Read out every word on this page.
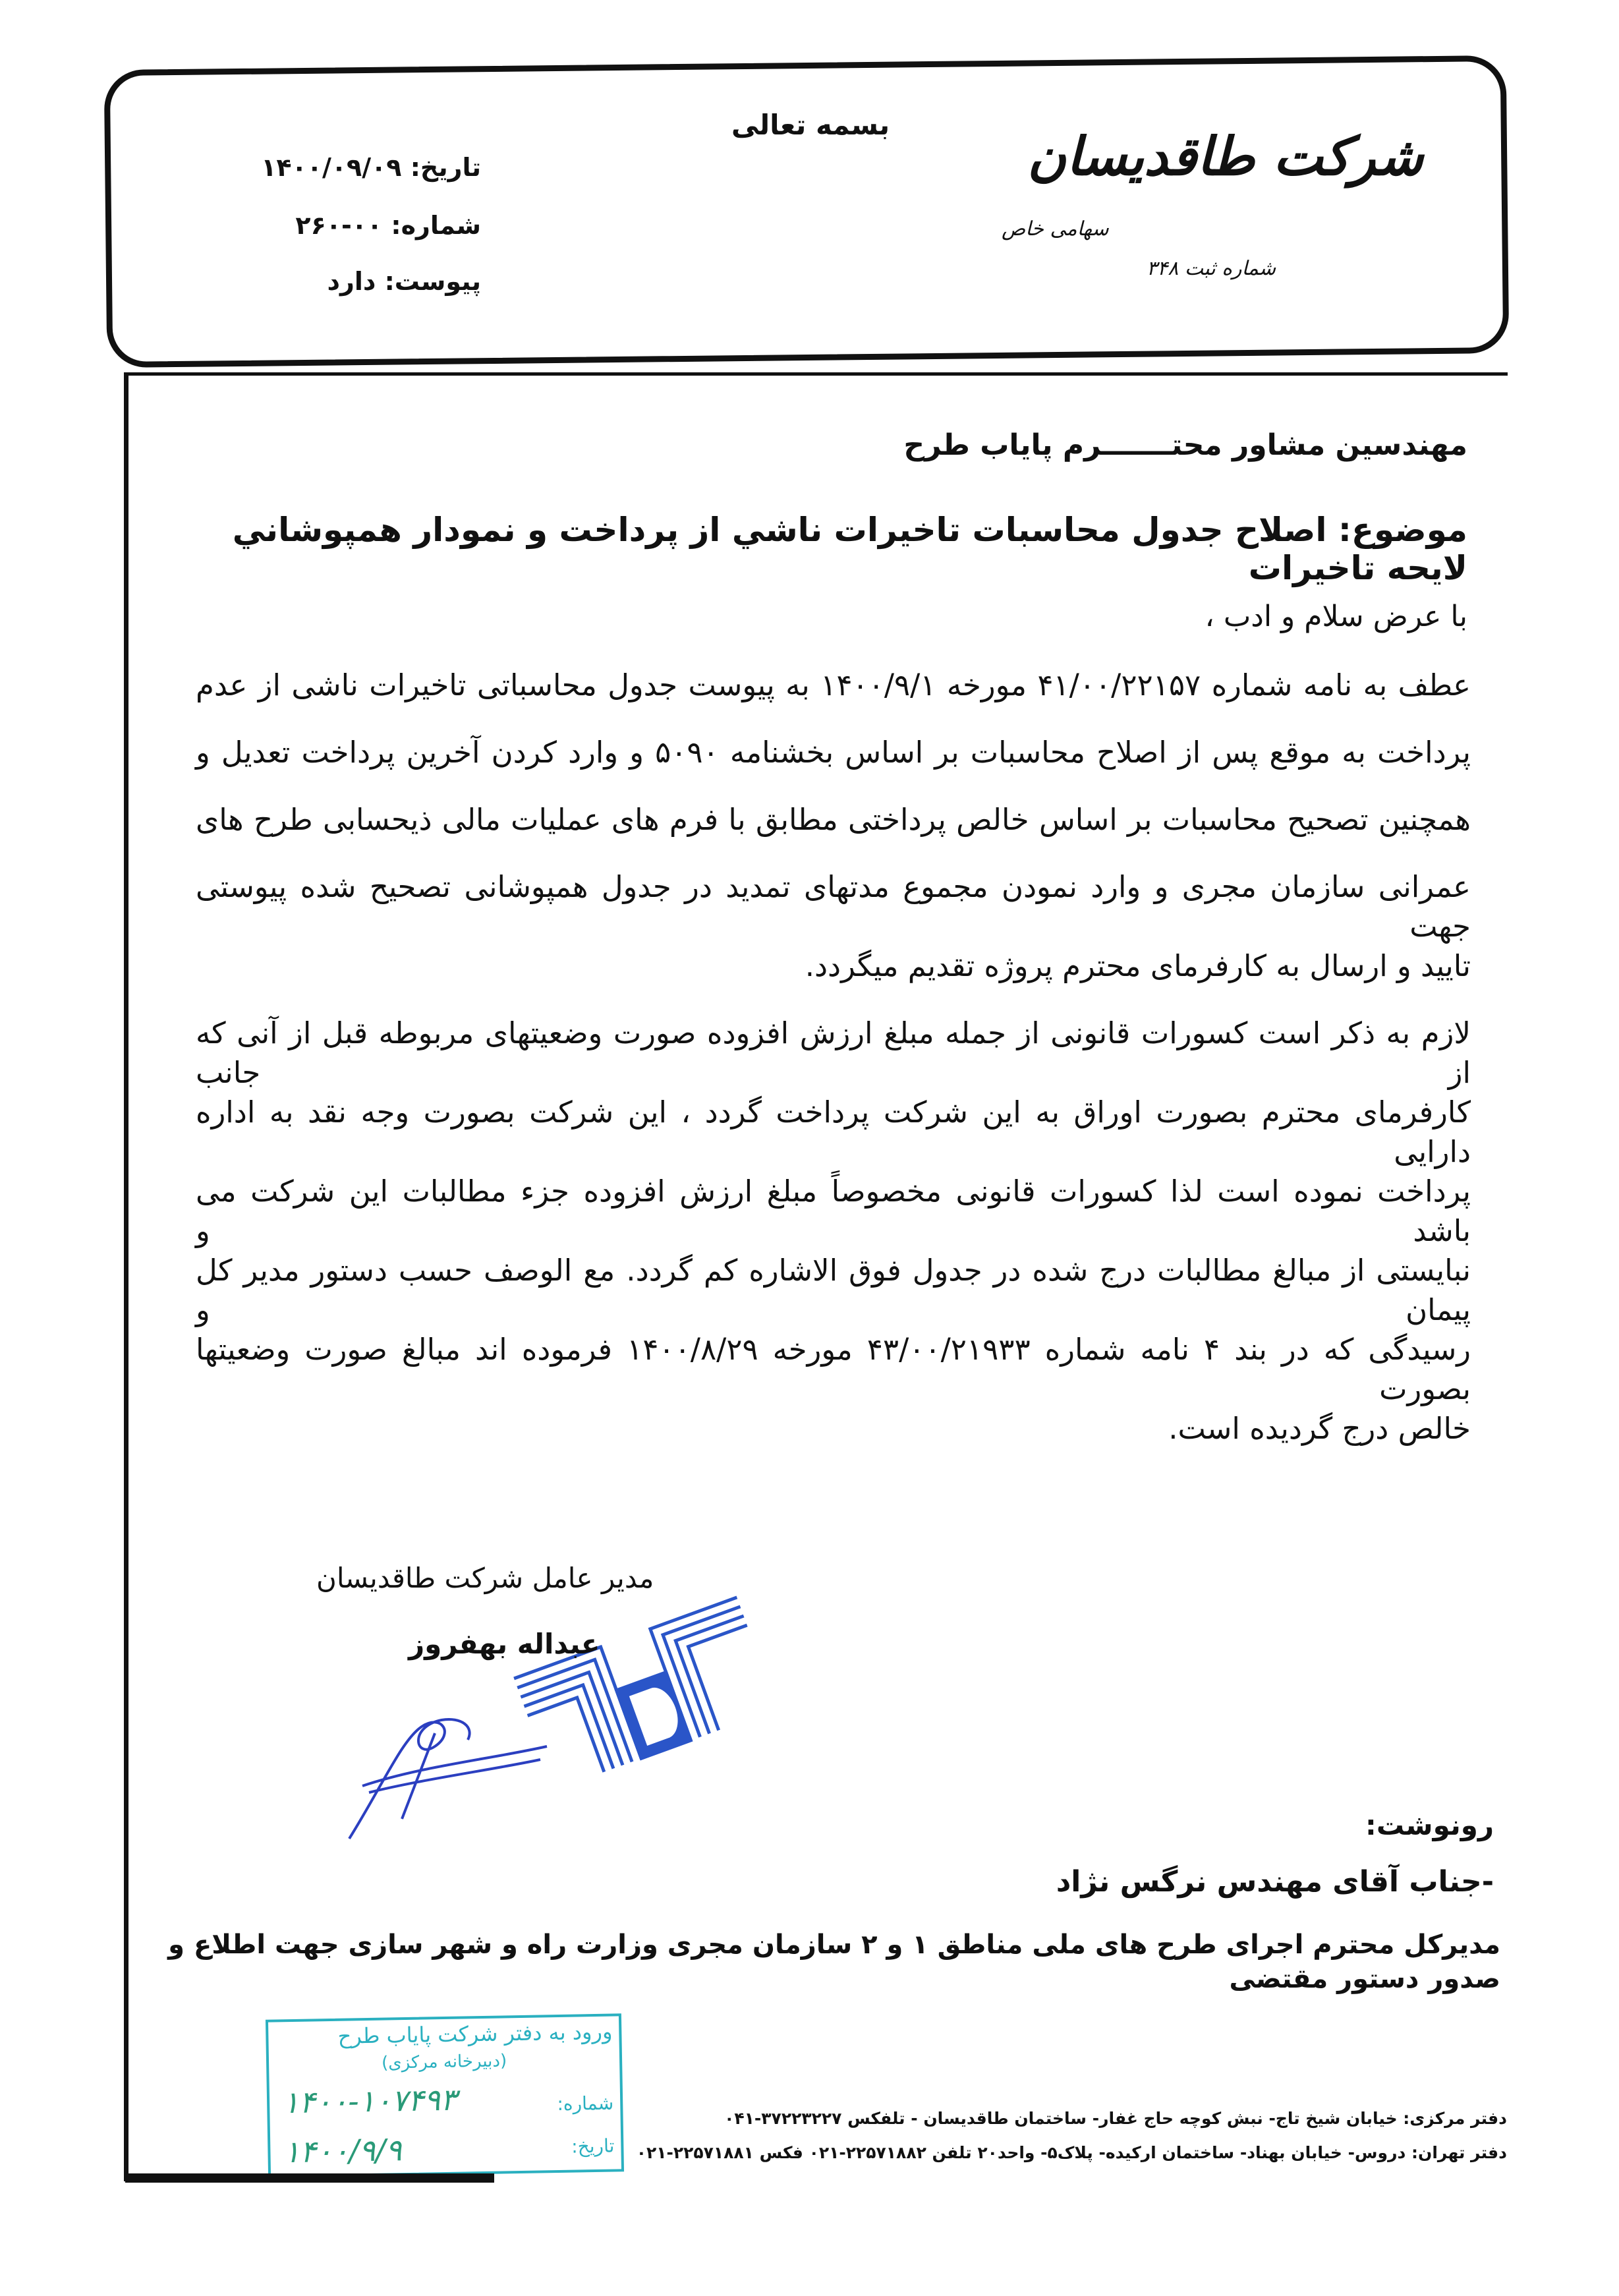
بسمه تعالی
تاریخ: ۱۴۰۰/۰۹/۰۹
شماره: ۰۰-۲۶۰
پیوست: دارد
شرکت طاقدیسان
سهامی خاص
شماره ثبت ۳۴۸
مهندسین مشاور محتـــــــرم پایاب طرح
موضوع: اصلاح جدول محاسبات تاخیرات ناشي از پرداخت و نمودار همپوشاني لایحه تاخیرات
با عرض سلام و ادب ،
عطف به نامه شماره ۴۱/۰۰/۲۲۱۵۷ مورخه ۱۴۰۰/۹/۱ به پیوست جدول محاسباتی تاخیرات ناشی از عدم
پرداخت به موقع پس از اصلاح محاسبات بر اساس بخشنامه ۵۰۹۰ و وارد کردن آخرین پرداخت تعدیل و
همچنین تصحیح محاسبات بر اساس خالص پرداختی مطابق با فرم های عملیات مالی ذیحسابی طرح های
عمرانی سازمان مجری و وارد نمودن مجموع مدتهای تمدید در جدول همپوشانی تصحیح شده پیوستی جهت
تایید و ارسال به کارفرمای محترم پروژه تقدیم میگردد.
لازم به ذکر است کسورات قانونی از جمله مبلغ ارزش افزوده صورت وضعیتهای مربوطه قبل از آنی که از جانب
کارفرمای محترم بصورت اوراق به این شرکت پرداخت گردد ، این شرکت بصورت وجه نقد به اداره دارایی
پرداخت نموده است لذا کسورات قانونی مخصوصاً مبلغ ارزش افزوده جزء مطالبات این شرکت می باشد و
نبایستی از مبالغ مطالبات درج شده در جدول فوق الاشاره کم گردد. مع الوصف حسب دستور مدیر کل پیمان و
رسیدگی که در بند ۴ نامه شماره ۴۳/۰۰/۲۱۹۳۳ مورخه ۱۴۰۰/۸/۲۹ فرموده اند مبالغ صورت وضعیتها بصورت
خالص درج گردیده است.
مدیر عامل شرکت طاقدیسان
عبداله بهفروز
رونوشت:
-جناب آقای مهندس نرگس نژاد
مدیرکل محترم اجرای طرح های ملی مناطق ۱ و ۲ سازمان مجری وزارت راه و شهر سازی جهت اطلاع و صدور دستور مقتضی
ورود به دفتر شرکت پایاب طرح
(دبیرخانه مرکزی)
شماره:
۱۴۰۰-۱۰۷۴۹۳
تاریخ:
۱۴۰۰/۹/۹
دفتر مرکزی: خیابان شیخ تاج- نبش کوچه حاج غفار- ساختمان طاقدیسان - تلفکس ۳۷۲۲۳۲۲۷-۰۴۱
دفتر تهران: دروس- خیابان بهناد- ساختمان ارکیده- پلاک۵- واحد۲۰ تلفن ۲۲۵۷۱۸۸۲-۰۲۱ فکس ۲۲۵۷۱۸۸۱-۰۲۱
